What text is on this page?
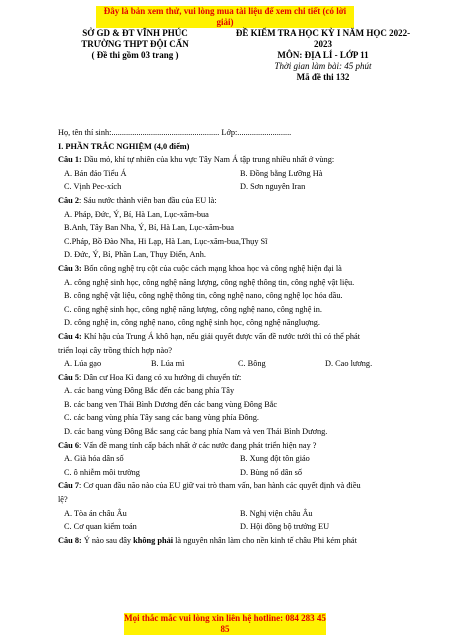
Đây là bản xem thử, vui lòng mua tài liệu để xem chi tiết (có lời giải)
SỞ GD & ĐT VĨNH PHÚC
TRƯỜNG THPT ĐỘI CẤN
( Đề thi gồm 03 trang )
ĐỀ KIỂM TRA HỌC KỲ I NĂM HỌC 2022-
2023
MÔN: ĐỊA LÍ - LỚP 11
Thời gian làm bài: 45 phút
Mã đề thi 132
Họ, tên thí sinh:.................................................... Lớp:..........................
I. PHẦN TRẮC NGHIỆM (4,0 điểm)
Câu 1: Dầu mỏ, khí tự nhiên của khu vực Tây Nam Á tập trung nhiều nhất ở vùng:
A. Bán đảo Tiểu Á	B. Đồng bằng Lưỡng Hà
C. Vịnh Pec-xích	D. Sơn nguyên Iran
Câu 2: Sáu nước thành viên ban đầu của EU là:
A. Pháp, Đức, Ý, Bỉ, Hà Lan, Lục-xăm-bua
B.Anh, Tây Ban Nha, Ý, Bỉ, Hà Lan, Lục-xăm-bua
C.Pháp, Bồ Đào Nha, Hi Lạp, Hà Lan, Lục-xăm-bua,Thụy Sĩ
D. Đức, Ý, Bỉ, Phần Lan, Thụy Điển, Anh.
Câu 3: Bốn công nghệ trụ cột của cuộc cách mạng khoa học và công nghệ hiện đại là
A. công nghệ sinh học, công nghệ năng lượng, công nghệ thông tin, công nghệ vật liệu.
B. công nghệ vật liệu, công nghệ thông tin, công nghệ nano, công nghệ lọc hóa dầu.
C. công nghệ sinh học, công nghệ năng lượng, công nghệ nano, công nghệ in.
D. công nghệ in, công nghệ nano, công nghệ sinh học, công nghệ năngluợng.
Câu 4: Khí hậu của Trung Á khô hạn, nếu giải quyết được vấn đề nước tưới thì có thể phát
triển loại cây trồng thích hợp nào?
A. Lúa gạo	B. Lúa mì	C. Bông	D. Cao lương.
Câu 5: Dân cư Hoa Kì đang có xu hướng di chuyển từ:
A. các bang vùng Đông Bắc đến các bang phía Tây
B. các bang ven Thái Bình Dương đến các bang vùng Đông Bắc
C. các bang vùng phía Tây sang các bang vùng phía Đông.
D. các bang vùng Đông Bắc sang các bang phía Nam và ven Thái Bình Dương.
Câu 6: Vấn đề mang tính cấp bách nhất ở các nước đang phát triển hiện nay ?
A. Già hóa dân số	B. Xung đột tôn giáo
C. ô nhiễm môi trường	D. Bùng nổ dân số
Câu 7: Cơ quan đầu não nào của EU giữ vai trò tham vấn, ban hành các quyết định và điều
lệ?
A. Tòa án châu Âu	B. Nghị viện châu Âu
C. Cơ quan kiểm toán	D. Hội đồng bộ trưởng EU
Câu 8: Ý nào sau đây không phải là nguyên nhân làm cho nền kinh tế châu Phi kém phát
Mọi thắc mắc vui lòng xin liên hệ hotline: 084 283 45 85
